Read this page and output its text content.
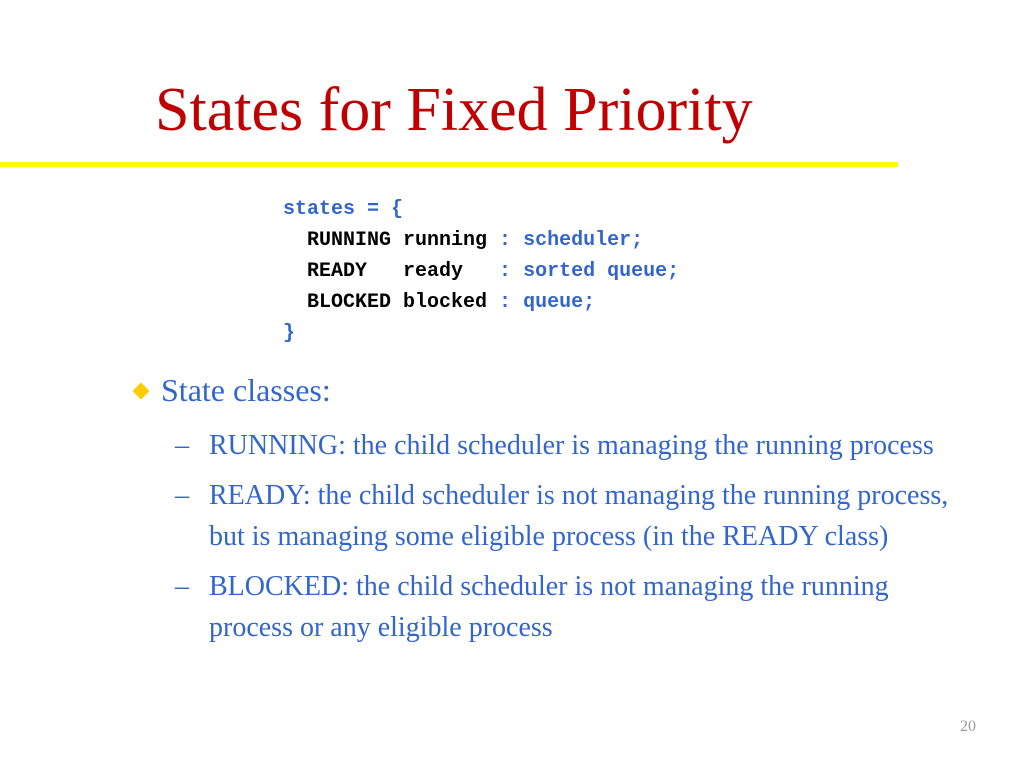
States for Fixed Priority
states = {
RUNNING running : scheduler;
READY   ready   : sorted queue;
BLOCKED blocked : queue;
}
State classes:
– RUNNING: the child scheduler is managing the running process
– READY: the child scheduler is not managing the running process, but is managing some eligible process (in the READY class)
– BLOCKED: the child scheduler is not managing the running process or any eligible process
20
